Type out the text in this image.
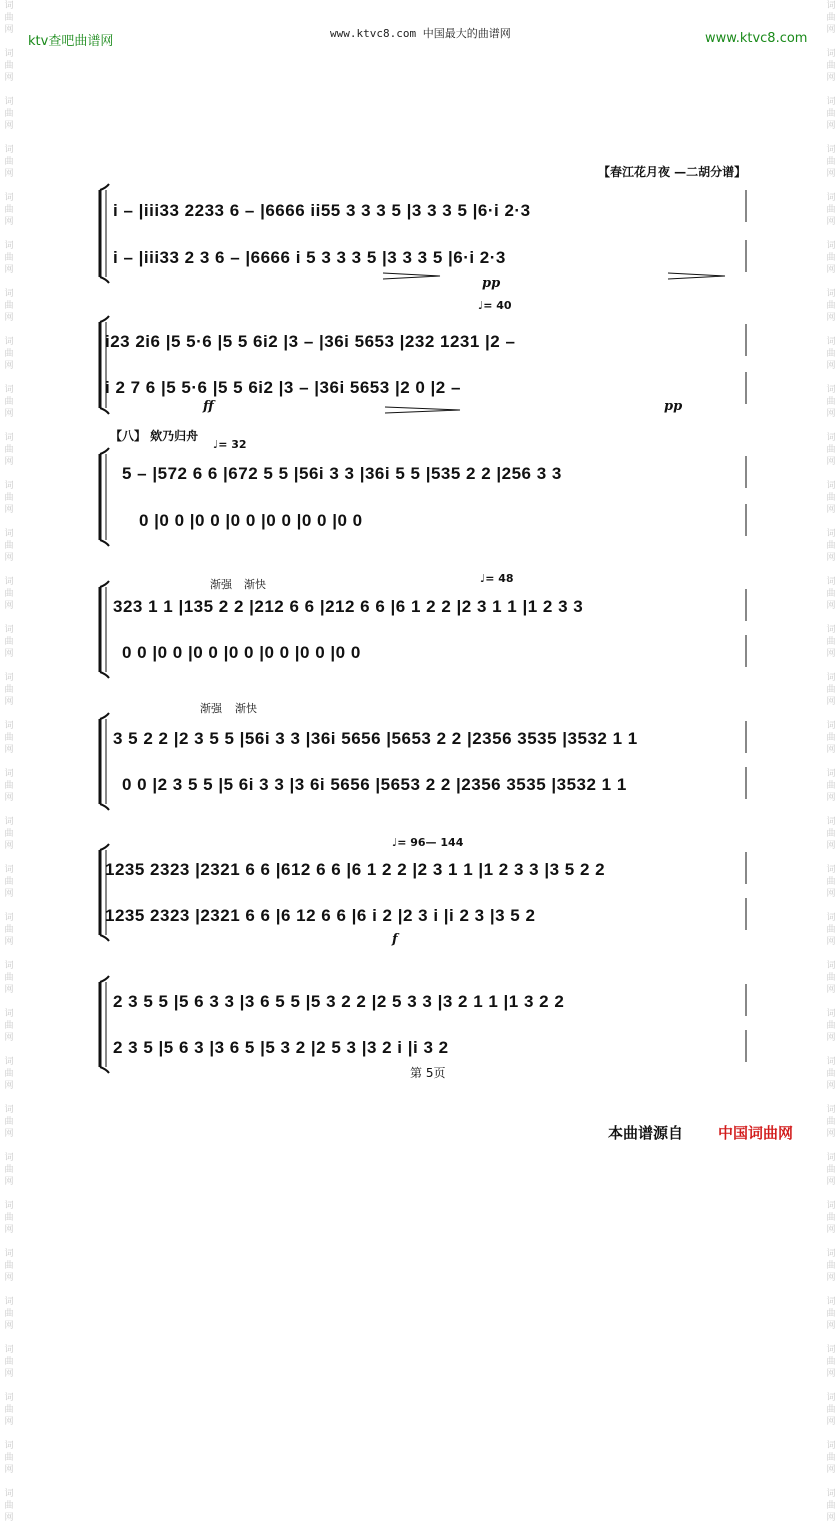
词
曲
网

词
曲
网

词
曲
网

词
曲
网

词
曲
网

词
曲
网

词
曲
网

词
曲
网

词
曲
网

词
曲
网

词
曲
网

词
曲
网

词
曲
网

词
曲
网

词
曲
网

词
曲
网

词
曲
网

词
曲
网

词
曲
网

词
曲
网

词
曲
网

词
曲
网

词
曲
网

词
曲
网

词
曲
网

词
曲
网

词
曲
网

词
曲
网

词
曲
网

词
曲
网

词
曲
网

词
曲
网

词
曲
网

词
曲
网

词
曲
网

词
曲
网

词
曲
网

词
曲
网

词
曲
网

词
曲
网

词
曲
网

词
曲
网

词
曲
网

词
曲
网

词
曲
网

词
曲
网

词
曲
网

词
曲
网

词
曲
网

词
曲
网

词
曲
网

词
曲
网

词
曲
网

词
曲
网

词
曲
网

词
曲
网

词
曲
网

词
曲
网

词
曲
网

词
曲
网

词
曲
网

词
曲
网

词
曲
网

词
曲
网

ktv查吧曲谱网
www.ktvc8.com 中国最大的曲谱网	www.ktvc8.com
【春江花月夜 —二胡分谱】
【八】 欸乃归舟
♩= 40
♩= 32
♩= 48
♩= 96— 144
渐强 渐快
渐强 渐快
pp
ff	pp
f
i – |iii33 2233 6 – |6666 ii55 3 3 3 5 |3 3 3 5 |6·i 2·3
i – |iii33 2 3 6 – |6666 i 5 3 3 3 5 |3 3 3 5 |6·i 2·3
i23 2i6 |5 5·6 |5 5 6i2 |3 – |36i 5653 |232 1231 |2 –
i 2 7 6 |5 5·6 |5 5 6i2 |3 – |36i 5653 |2 0 |2 –
5 – |572 6 6 |672 5 5 |56i 3 3 |36i 5 5 |535 2 2 |256 3 3
0 |0 0 |0 0 |0 0 |0 0 |0 0 |0 0
323 1 1 |135 2 2 |212 6 6 |212 6 6 |6 1 2 2 |2 3 1 1 |1 2 3 3
0 0 |0 0 |0 0 |0 0 |0 0 |0 0 |0 0
3 5 2 2 |2 3 5 5 |56i 3 3 |36i 5656 |5653 2 2 |2356 3535 |3532 1 1
0 0 |2 3 5 5 |5 6i 3 3 |3 6i 5656 |5653 2 2 |2356 3535 |3532 1 1
1235 2323 |2321 6 6 |612 6 6 |6 1 2 2 |2 3 1 1 |1 2 3 3 |3 5 2 2
1235 2323 |2321 6 6 |6 12 6 6 |6 i 2 |2 3 i |i 2 3 |3 5 2
2 3 5 5 |5 6 3 3 |3 6 5 5 |5 3 2 2 |2 5 3 3 |3 2 1 1 |1 3 2 2
2 3 5 |5 6 3 |3 6 5 |5 3 2 |2 5 3 |3 2 i |i 3 2
第 5页
本曲谱源自 中国词曲网
